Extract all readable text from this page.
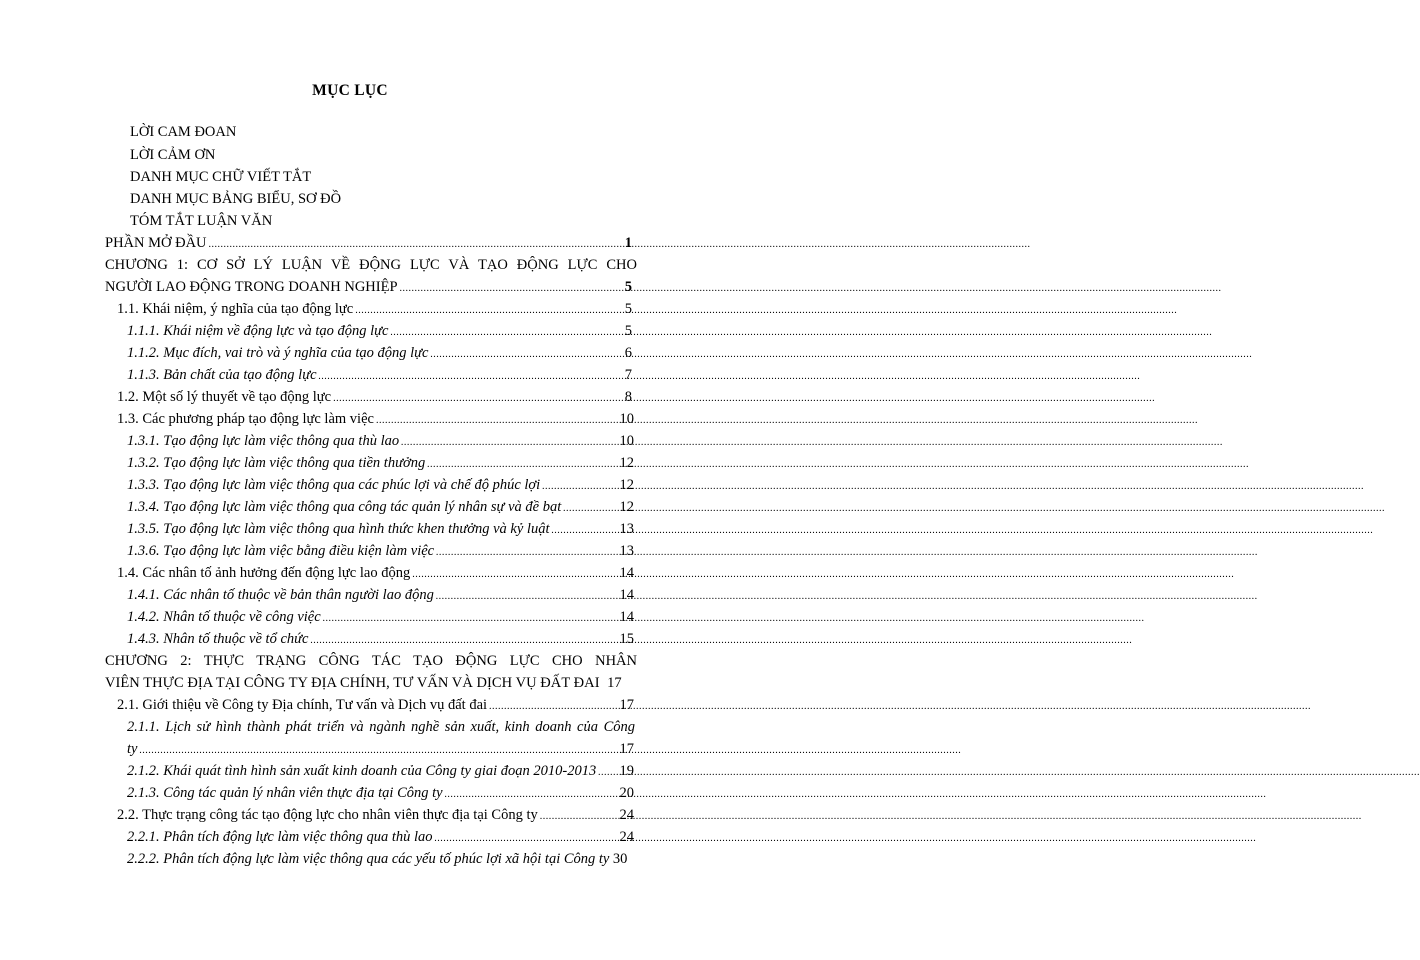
MỤC LỤC
LỜI CAM ĐOAN
LỜI CẢM ƠN
DANH MỤC CHỮ VIẾT TẮT
DANH MỤC BẢNG BIỂU, SƠ ĐỒ
TÓM TẮT LUẬN VĂN
PHẦN MỞ ĐẦU .....	1
CHƯƠNG 1: CƠ SỞ LÝ LUẬN VỀ ĐỘNG LỰC VÀ TẠO ĐỘNG LỰC CHO
NGƯỜI LAO ĐỘNG TRONG DOANH NGHIỆP .....	5
1.1. Khái niệm, ý nghĩa của tạo động lực .....	5
1.1.1. Khái niệm về động lực và tạo động lực .....	5
1.1.2. Mục đích, vai trò và ý nghĩa của tạo động lực .....	6
1.1.3. Bản chất của tạo động lực .....	7
1.2. Một số lý thuyết về tạo động lực .....	8
1.3. Các phương pháp tạo động lực làm việc .....	10
1.3.1. Tạo động lực làm việc thông qua thù lao .....	10
1.3.2. Tạo động lực làm việc thông qua tiền thưởng .....	12
1.3.3. Tạo động lực làm việc thông qua các phúc lợi và chế độ phúc lợi .....	12
1.3.4. Tạo động lực làm việc thông qua công tác quản lý nhân sự và đề bạt .....	12
1.3.5. Tạo động lực làm việc thông qua hình thức khen thưởng và kỷ luật .....	13
1.3.6. Tạo động lực làm việc bằng điều kiện làm việc .....	13
1.4. Các nhân tố ảnh hưởng đến động lực lao động .....	14
1.4.1. Các nhân tố thuộc về bản thân người lao động .....	14
1.4.2. Nhân tố thuộc về công việc .....	14
1.4.3. Nhân tố thuộc về tổ chức .....	15
CHƯƠNG 2: THỰC TRẠNG CÔNG TÁC TẠO ĐỘNG LỰC CHO NHÂN
VIÊN THỰC ĐỊA TẠI CÔNG TY ĐỊA CHÍNH, TƯ VẤN VÀ DỊCH VỤ ĐẤT ĐAI 17
2.1. Giới thiệu về Công ty Địa chính, Tư vấn và Dịch vụ đất đai .....	17
2.1.1. Lịch sử hình thành phát triển và ngành nghề sản xuất, kinh doanh của Công
ty .....	17
2.1.2. Khái quát tình hình sản xuất kinh doanh của Công ty giai đoạn 2010-2013 ..... 19
2.1.3. Công tác quản lý nhân viên thực địa tại Công ty .....	20
2.2. Thực trạng công tác tạo động lực cho nhân viên thực địa tại Công ty .....	24
2.2.1. Phân tích động lực làm việc thông qua thù lao .....	24
2.2.2. Phân tích động lực làm việc thông qua các yếu tố phúc lợi xã hội tại Công ty 30
